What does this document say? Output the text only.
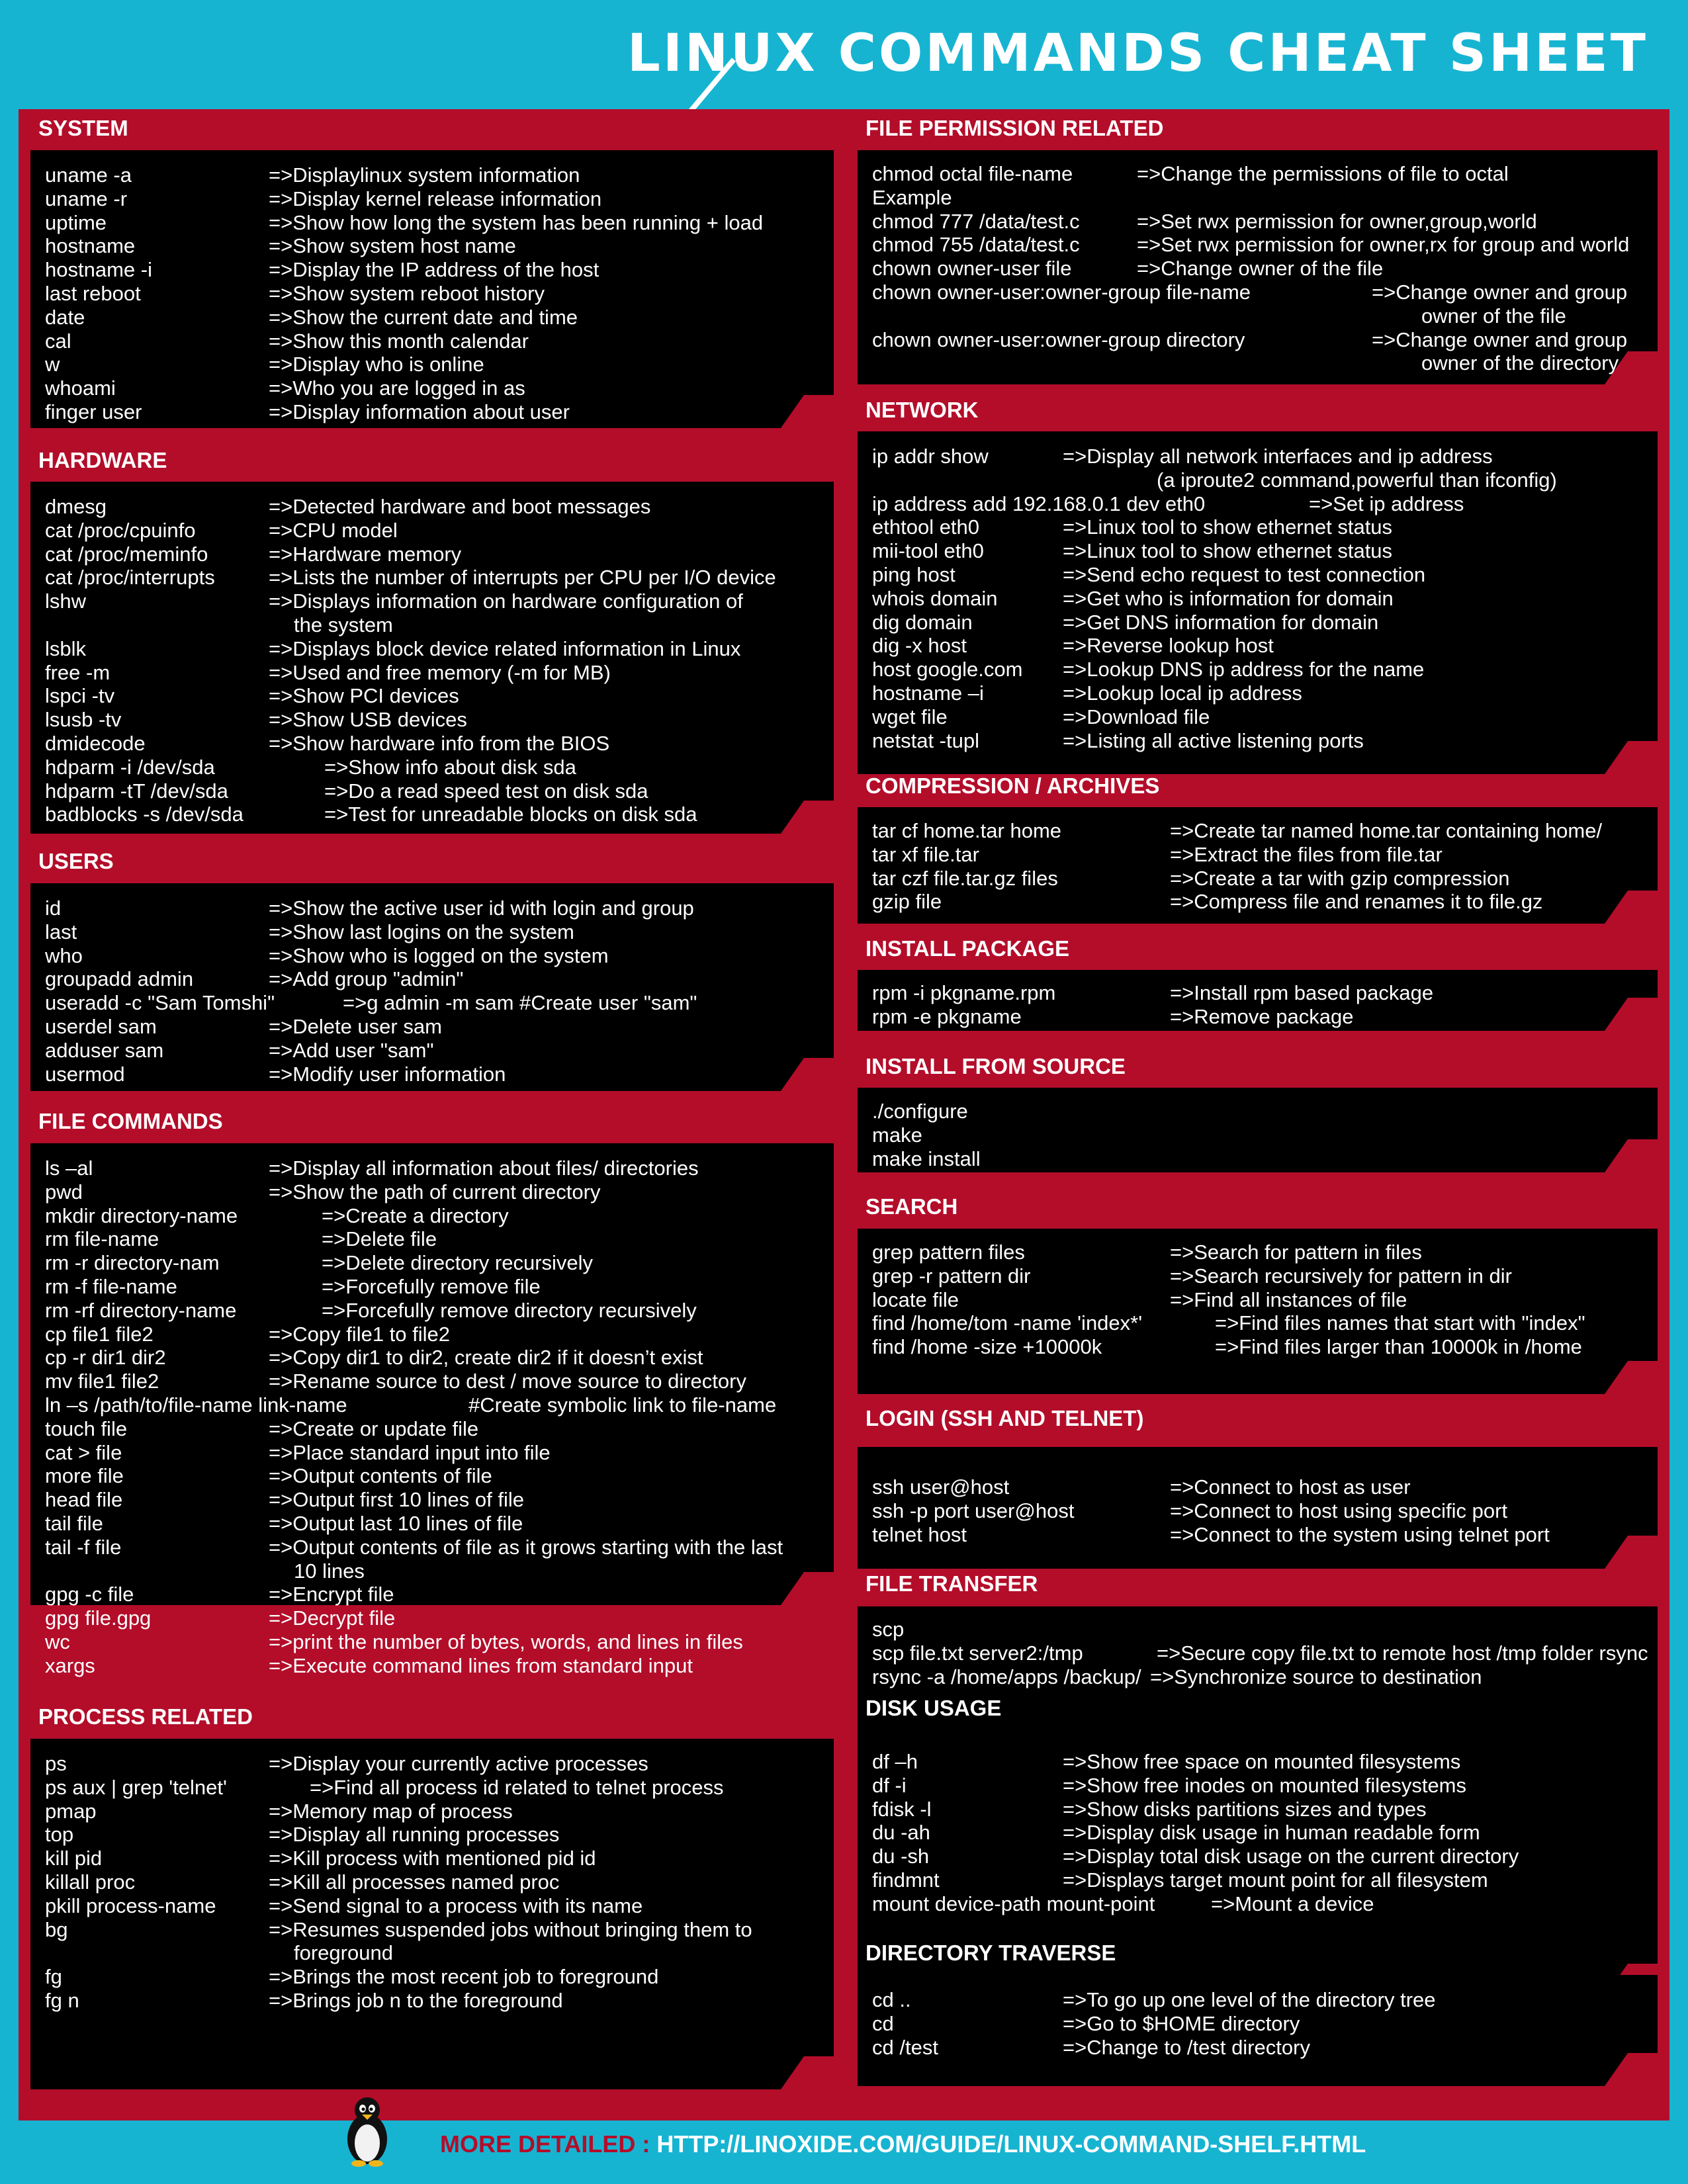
LINUX COMMANDS CHEAT SHEET
SYSTEM
uname -a	=>Displaylinux system information
uname -r	=>Display kernel release information
uptime	=>Show how long the system has been running + load
hostname	=>Show system host name
hostname -i	=>Display the IP address of the host
last reboot	=>Show system reboot history
date	=>Show the current date and time
cal	=>Show this month calendar
w	=>Display who is online
whoami	=>Who you are logged in as
finger user	=>Display information about user
HARDWARE
dmesg	=>Detected hardware and boot messages
cat /proc/cpuinfo	=>CPU model
cat /proc/meminfo	=>Hardware memory
cat /proc/interrupts	=>Lists the number of interrupts per CPU per I/O device
lshw	=>Displays information on hardware configuration of
the system
lsblk	=>Displays block device related information in Linux
free -m	=>Used and free memory (-m for MB)
lspci -tv	=>Show PCI devices
lsusb -tv	=>Show USB devices
dmidecode	=>Show hardware info from the BIOS
hdparm -i /dev/sda	=>Show info about disk sda
hdparm -tT /dev/sda	=>Do a read speed test on disk sda
badblocks -s /dev/sda	=>Test for unreadable blocks on disk sda
USERS
id	=>Show the active user id with login and group
last	=>Show last logins on the system
who	=>Show who is logged on the system
groupadd admin	=>Add group "admin"
useradd -c "Sam Tomshi"	=>g admin -m sam #Create user "sam"
userdel sam	=>Delete user sam
adduser sam	=>Add user "sam"
usermod	=>Modify user information
FILE COMMANDS
ls –al	=>Display all information about files/ directories
pwd	=>Show the path of current directory
mkdir directory-name	=>Create a directory
rm file-name	=>Delete file
rm -r directory-nam	=>Delete directory recursively
rm -f file-name	=>Forcefully remove file
rm -rf directory-name	=>Forcefully remove directory recursively
cp file1 file2	=>Copy file1 to file2
cp -r dir1 dir2	=>Copy dir1 to dir2, create dir2 if it doesn’t exist
mv file1 file2	=>Rename source to dest / move source to directory
ln –s /path/to/file-name link-name	#Create symbolic link to file-name
touch file	=>Create or update file
cat > file	=>Place standard input into file
more file	=>Output contents of file
head file	=>Output first 10 lines of file
tail file	=>Output last 10 lines of file
tail -f file	=>Output contents of file as it grows starting with the last
10 lines
gpg -c file	=>Encrypt file
gpg file.gpg	=>Decrypt file
wc	=>print the number of bytes, words, and lines in files
xargs	=>Execute command lines from standard input
PROCESS RELATED
ps	=>Display your currently active processes
ps aux | grep 'telnet'	=>Find all process id related to telnet process
pmap	=>Memory map of process
top	=>Display all running processes
kill pid	=>Kill process with mentioned pid id
killall proc	=>Kill all processes named proc
pkill process-name	=>Send signal to a process with its name
bg	=>Resumes suspended jobs without bringing them to
foreground
fg	=>Brings the most recent job to foreground
fg n	=>Brings job n to the foreground
FILE PERMISSION RELATED
chmod octal file-name	=>Change the permissions of file to octal
Example
chmod 777 /data/test.c	=>Set rwx permission for owner,group,world
chmod 755 /data/test.c	=>Set rwx permission for owner,rx for group and world
chown owner-user file	=>Change owner of the file
chown owner-user:owner-group file-name	=>Change owner and group
owner of the file
chown owner-user:owner-group directory	=>Change owner and group
owner of the directory
NETWORK
ip addr show	=>Display all network interfaces and ip address
(a iproute2 command,powerful than ifconfig)
ip address add 192.168.0.1 dev eth0	=>Set ip address
ethtool eth0	=>Linux tool to show ethernet status
mii-tool eth0	=>Linux tool to show ethernet status
ping host	=>Send echo request to test connection
whois domain	=>Get who is information for domain
dig domain	=>Get DNS information for domain
dig -x host	=>Reverse lookup host
host google.com =>Lookup DNS ip address for the name
hostname –i	=>Lookup local ip address
wget file	=>Download file
netstat -tupl	=>Listing all active listening ports
COMPRESSION / ARCHIVES
tar cf home.tar home	=>Create tar named home.tar containing home/
tar xf file.tar	=>Extract the files from file.tar
tar czf file.tar.gz files	=>Create a tar with gzip compression
gzip file	=>Compress file and renames it to file.gz
INSTALL PACKAGE
rpm -i pkgname.rpm	=>Install rpm based package
rpm -e pkgname	=>Remove package
INSTALL FROM SOURCE
./configure
make
make install
SEARCH
grep pattern files	=>Search for pattern in files
grep -r pattern dir	=>Search recursively for pattern in dir
locate file	=>Find all instances of file
find /home/tom -name 'index*'	=>Find files names that start with "index"
find /home -size +10000k	=>Find files larger than 10000k in /home
LOGIN (SSH AND TELNET)
ssh user@host	=>Connect to host as user
ssh -p port user@host	=>Connect to host using specific port
telnet host	=>Connect to the system using telnet port
FILE TRANSFER
scp
scp file.txt server2:/tmp	=>Secure copy file.txt to remote host /tmp folder rsync
rsync -a /home/apps /backup/ =>Synchronize source to destination
DISK USAGE
df –h	=>Show free space on mounted filesystems
df -i	=>Show free inodes on mounted filesystems
fdisk -l	=>Show disks partitions sizes and types
du -ah	=>Display disk usage in human readable form
du -sh	=>Display total disk usage on the current directory
findmnt	=>Displays target mount point for all filesystem
mount device-path mount-point	=>Mount a device
DIRECTORY TRAVERSE
cd ..	=>To go up one level of the directory tree
cd	=>Go to $HOME directory
cd /test	=>Change to /test directory
MORE DETAILED : HTTP://LINOXIDE.COM/GUIDE/LINUX-COMMAND-SHELF.HTML
